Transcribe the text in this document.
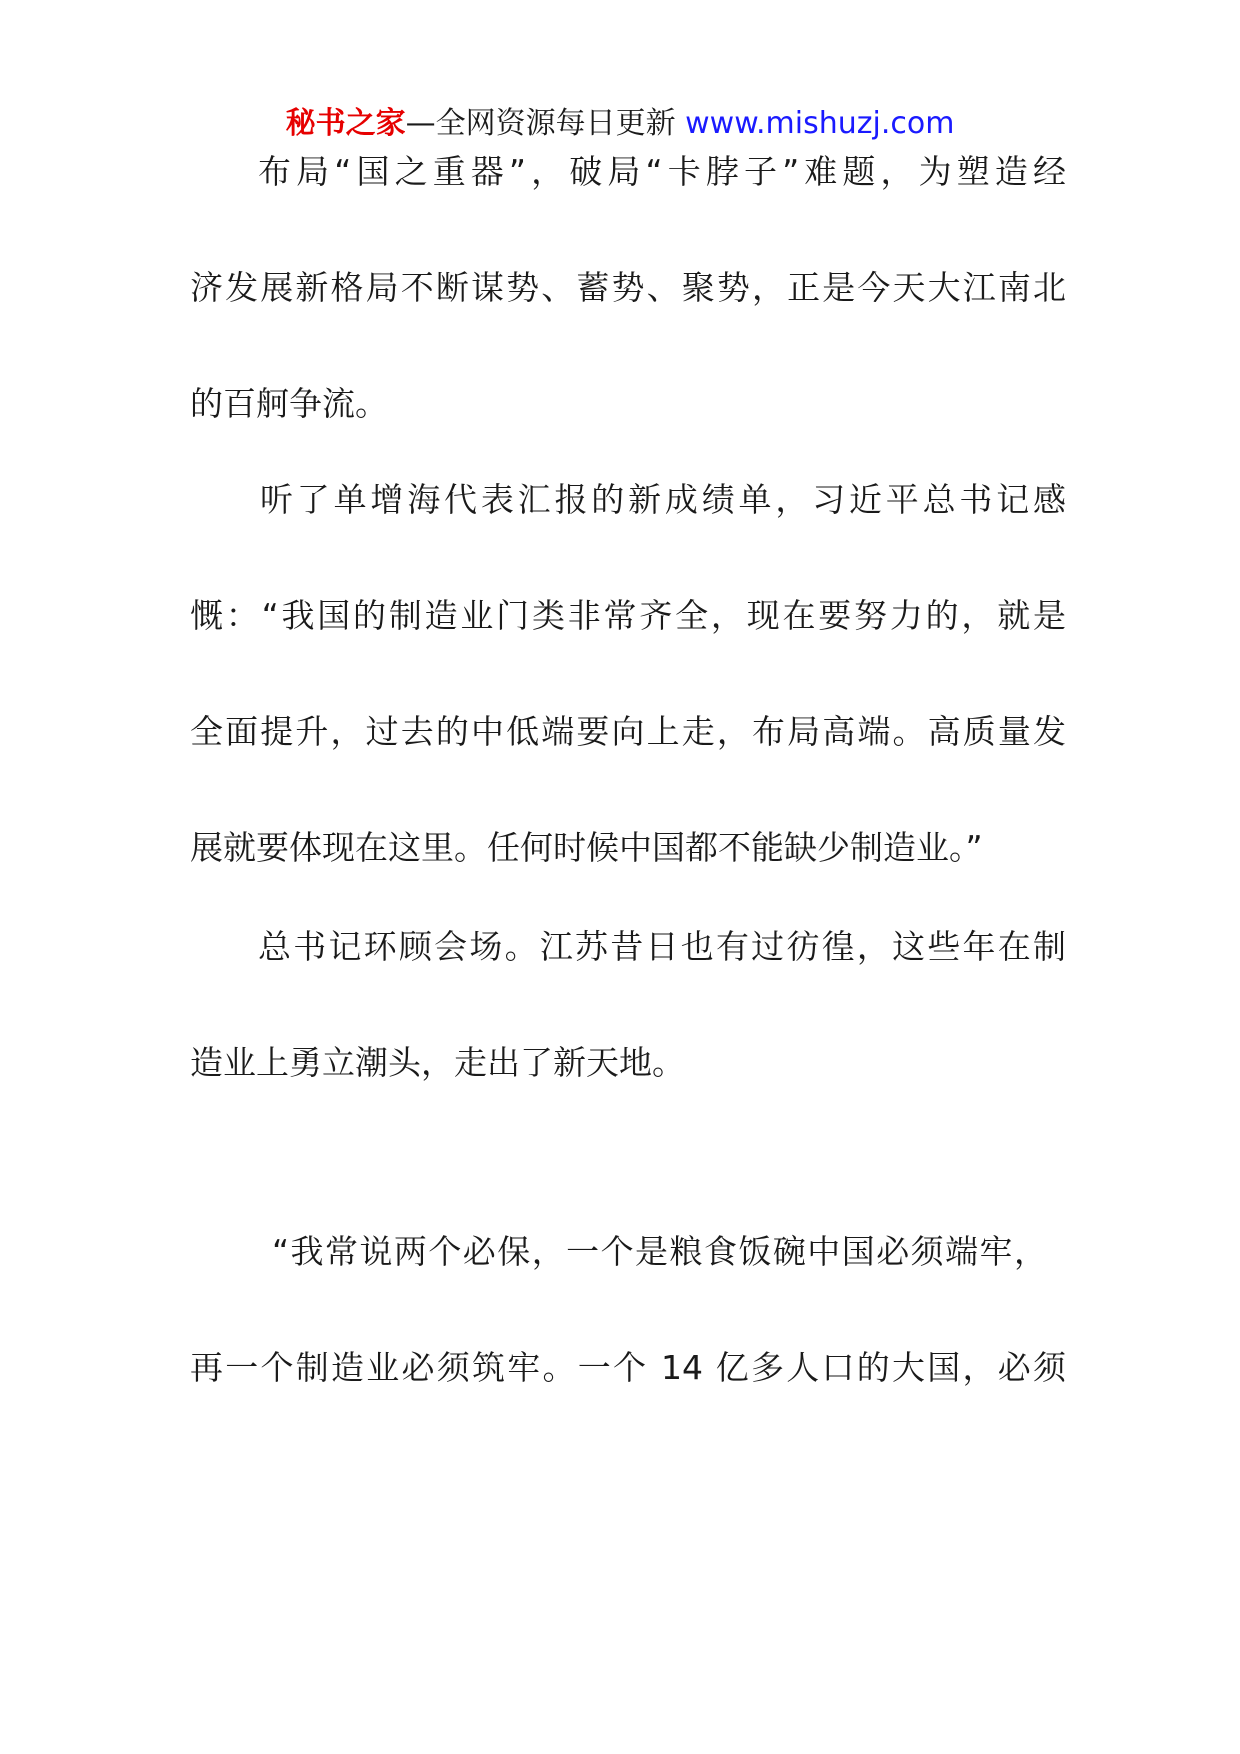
秘书之家—全网资源每日更新 www.mishuzj.com
布局“国之重器”，破局“卡脖子”难题，为塑造经
济发展新格局不断谋势、蓄势、聚势，正是今天大江南北
的百舸争流。
听了单增海代表汇报的新成绩单，习近平总书记感
慨：“我国的制造业门类非常齐全，现在要努力的，就是
全面提升，过去的中低端要向上走，布局高端。高质量发
展就要体现在这里。任何时候中国都不能缺少制造业。”
总书记环顾会场。江苏昔日也有过彷徨，这些年在制
造业上勇立潮头，走出了新天地。
“我常说两个必保，一个是粮食饭碗中国必须端牢，
再一个制造业必须筑牢。一个 14 亿多人口的大国，必须
